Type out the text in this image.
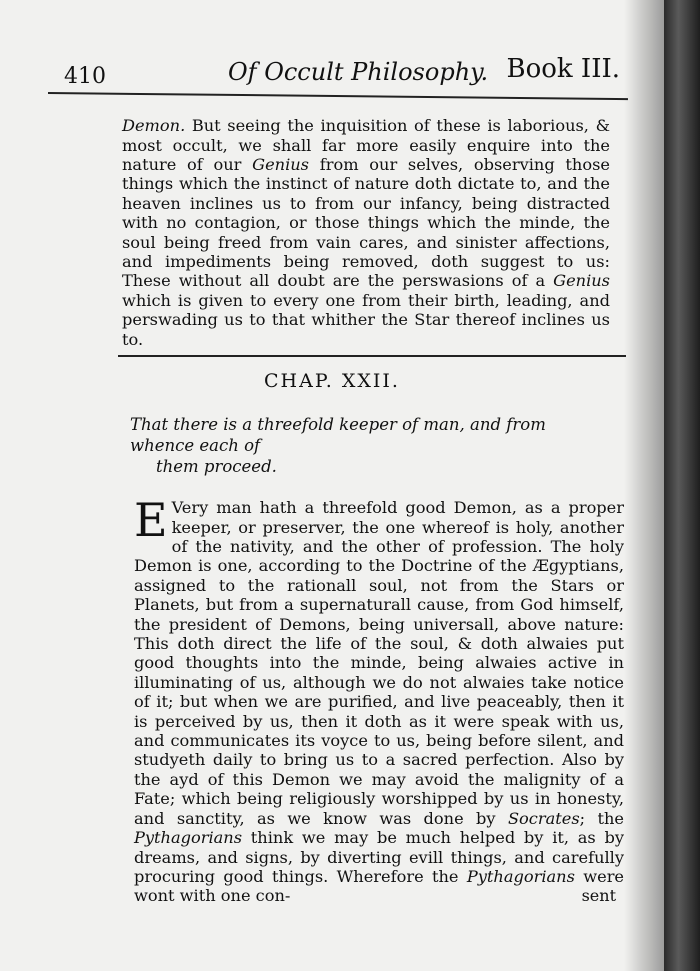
410	Of Occult Philosophy. Book III.

Demon. But seeing the inquisition of these is laborious, & most occult, we shall far more easily enquire into the nature of our Genius from our selves, observing those things which the instinct of nature doth dictate to, and the heaven inclines us to from our infancy, being distracted with no contagion, or those things which the minde, the soul being freed from vain cares, and sinister affections, and impediments being removed, doth suggest to us: These without all doubt are the perswasions of a Genius which is given to every one from their birth, leading, and perswading us to that whither the Star thereof inclines us to.

CHAP. XXII.
That there is a threefold keeper of man, and from whence each of
them proceed.

E Very man hath a threefold good Demon, as a proper keeper, or preserver, the one whereof is holy, another of the nativity, and the other of profession. The holy Demon is one, according to the Doctrine of the Ægyptians, assigned to the rationall soul, not from the Stars or Planets, but from a supernaturall cause, from God himself, the president of Demons, being universall, above nature: This doth direct the life of the soul, & doth alwaies put good thoughts into the minde, being alwaies active in illuminating of us, although we do not alwaies take notice of it; but when we are purified, and live peaceably, then it is perceived by us, then it doth as it were speak with us, and communicates its voyce to us, being before silent, and studyeth daily to bring us to a sacred perfection. Also by the ayd of this Demon we may avoid the malignity of a Fate; which being religiously worshipped by us in honesty, and sanctity, as we know was done by Socrates; the Pythagorians think we may be much helped by it, as by dreams, and signs, by diverting evill things, and carefully procuring good things. Wherefore the Pythagorians were wont with one con-	sent
